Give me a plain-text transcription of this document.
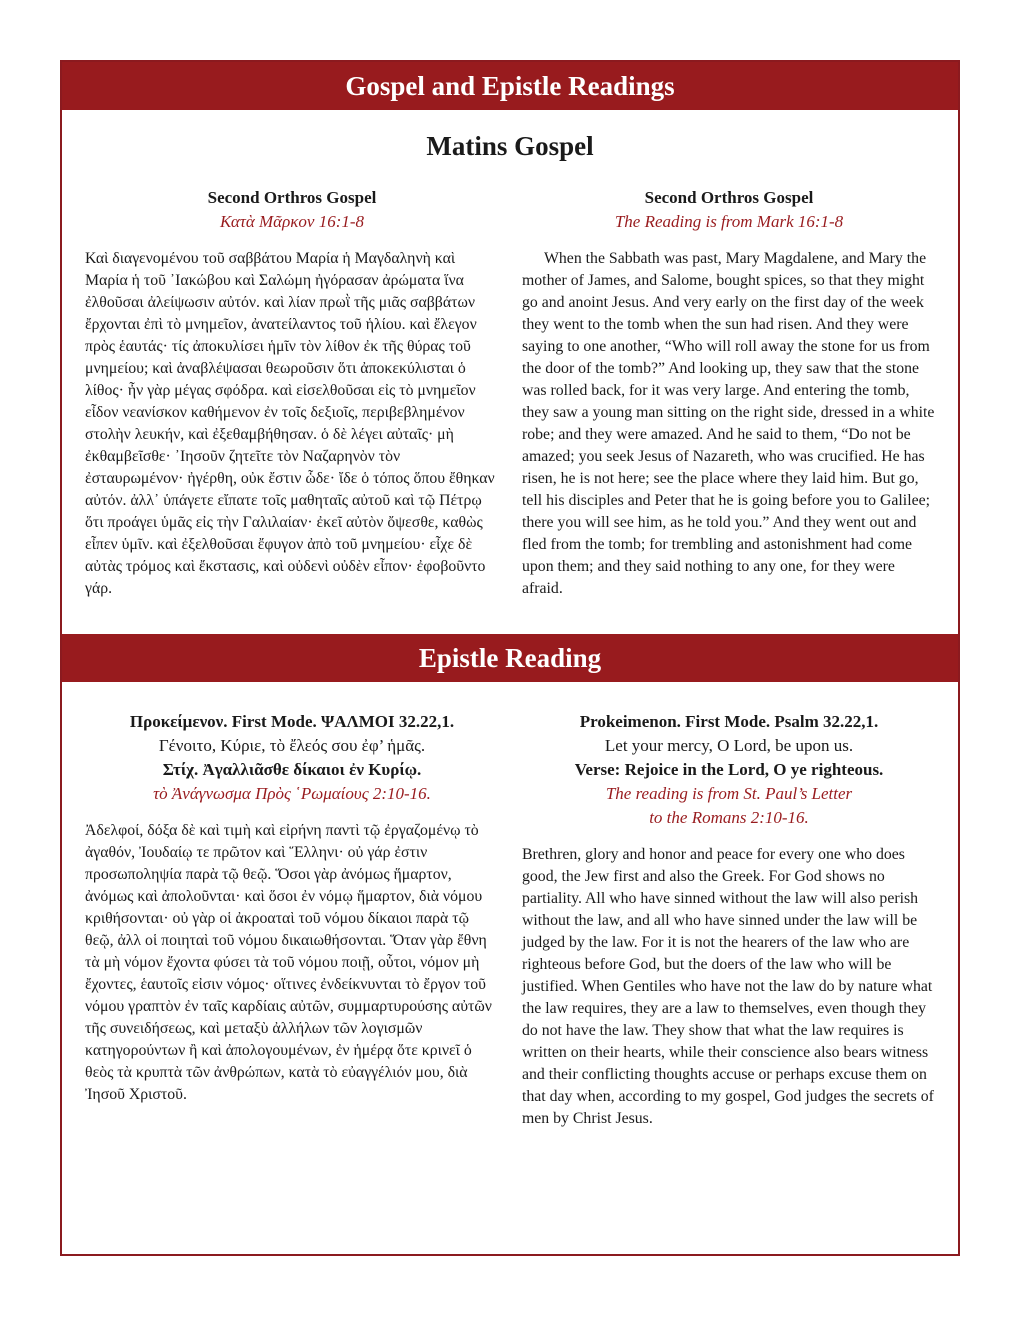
Gospel and Epistle Readings
Matins Gospel
Second Orthros Gospel
Κατὰ Μᾶρκον 16:1-8
Καὶ διαγενομένου τοῦ σαββάτου Μαρία ἡ Μαγδαληνὴ καὶ Μαρία ἡ τοῦ ᾿Ιακώβου καὶ Σαλώμη ἠγόρασαν ἀρώματα ἵνα ἐλθοῦσαι ἀλείψωσιν αὐτόν. καὶ λίαν πρωῒ τῆς μιᾶς σαββάτων ἔρχονται ἐπὶ τὸ μνημεῖον, ἀνατείλαντος τοῦ ἡλίου. καὶ ἔλεγον πρὸς ἑαυτάς· τίς ἀποκυλίσει ἡμῖν τὸν λίθον ἐκ τῆς θύρας τοῦ μνημείου; καὶ ἀναβλέψασαι θεωροῦσιν ὅτι ἀποκεκύλισται ὁ λίθος· ἦν γὰρ μέγας σφόδρα. καὶ εἰσελθοῦσαι εἰς τὸ μνημεῖον εἶδον νεανίσκον καθήμενον ἐν τοῖς δεξιοῖς, περιβεβλημένον στολὴν λευκήν, καὶ ἐξεθαμβήθησαν. ὁ δὲ λέγει αὐταῖς· μὴ ἐκθαμβεῖσθε· ᾿Ιησοῦν ζητεῖτε τὸν Ναζαρηνὸν τὸν ἐσταυρωμένον· ἠγέρθη, οὐκ ἔστιν ὧδε· ἴδε ὁ τόπος ὅπου ἔθηκαν αὐτόν. ἀλλ᾿ ὑπάγετε εἴπατε τοῖς μαθηταῖς αὐτοῦ καὶ τῷ Πέτρῳ ὅτι προάγει ὑμᾶς εἰς τὴν Γαλιλαίαν· ἐκεῖ αὐτὸν ὄψεσθε, καθὼς εἶπεν ὑμῖν. καὶ ἐξελθοῦσαι ἔφυγον ἀπὸ τοῦ μνημείου· εἶχε δὲ αὐτὰς τρόμος καὶ ἔκστασις, καὶ οὐδενὶ οὐδὲν εἶπον· ἐφοβοῦντο γάρ.
Second Orthros Gospel
The Reading is from Mark 16:1-8
When the Sabbath was past, Mary Magdalene, and Mary the mother of James, and Salome, bought spices, so that they might go and anoint Jesus. And very early on the first day of the week they went to the tomb when the sun had risen. And they were saying to one another, “Who will roll away the stone for us from the door of the tomb?” And looking up, they saw that the stone was rolled back, for it was very large. And entering the tomb, they saw a young man sitting on the right side, dressed in a white robe; and they were amazed. And he said to them, “Do not be amazed; you seek Jesus of Nazareth, who was crucified. He has risen, he is not here; see the place where they laid him. But go, tell his disciples and Peter that he is going before you to Galilee; there you will see him, as he told you.” And they went out and fled from the tomb; for trembling and astonishment had come upon them; and they said nothing to any one, for they were afraid.
Epistle Reading
Προκείμενον. First Mode. ΨΑΛΜΟΙ 32.22,1.
Γένοιτο, Κύριε, τὸ ἔλεός σου ἐφ’ ἡμᾶς.
Στίχ. Ἀγαλλιᾶσθε δίκαιοι ἐν Κυρίῳ.
τὸ Ἀνάγνωσμα Πρὸς ῾Ρωμαίους 2:10-16.
Ἀδελφοί, δόξα δὲ καὶ τιμὴ καὶ εἰρήνη παντὶ τῷ ἐργαζομένῳ τὸ ἀγαθόν, Ἰουδαίῳ τε πρῶτον καὶ Ἕλληνι· οὐ γάρ ἐστιν προσωποληψία παρὰ τῷ θεῷ. Ὅσοι γὰρ ἀνόμως ἥμαρτον, ἀνόμως καὶ ἀπολοῦνται· καὶ ὅσοι ἐν νόμῳ ἥμαρτον, διὰ νόμου κριθήσονται· οὐ γὰρ οἱ ἀκροαταὶ τοῦ νόμου δίκαιοι παρὰ τῷ θεῷ, ἀλλ οἱ ποιηταὶ τοῦ νόμου δικαιωθήσονται. Ὅταν γὰρ ἔθνη τὰ μὴ νόμον ἔχοντα φύσει τὰ τοῦ νόμου ποιῇ, οὗτοι, νόμον μὴ ἔχοντες, ἑαυτοῖς εἰσιν νόμος· οἵτινες ἐνδείκνυνται τὸ ἔργον τοῦ νόμου γραπτὸν ἐν ταῖς καρδίαις αὐτῶν, συμμαρτυρούσης αὐτῶν τῆς συνειδήσεως, καὶ μεταξὺ ἀλλήλων τῶν λογισμῶν κατηγορούντων ἢ καὶ ἀπολογουμένων, ἐν ἡμέρᾳ ὅτε κρινεῖ ὁ θεὸς τὰ κρυπτὰ τῶν ἀνθρώπων, κατὰ τὸ εὐαγγέλιόν μου, διὰ Ἰησοῦ Χριστοῦ.
Prokeimenon. First Mode. Psalm 32.22,1.
Let your mercy, O Lord, be upon us.
Verse: Rejoice in the Lord, O ye righteous.
The reading is from St. Paul’s Letter
to the Romans 2:10-16.
Brethren, glory and honor and peace for every one who does good, the Jew first and also the Greek. For God shows no partiality. All who have sinned without the law will also perish without the law, and all who have sinned under the law will be judged by the law. For it is not the hearers of the law who are righteous before God, but the doers of the law who will be justified. When Gentiles who have not the law do by nature what the law requires, they are a law to themselves, even though they do not have the law. They show that what the law requires is written on their hearts, while their conscience also bears witness and their conflicting thoughts accuse or perhaps excuse them on that day when, according to my gospel, God judges the secrets of men by Christ Jesus.
